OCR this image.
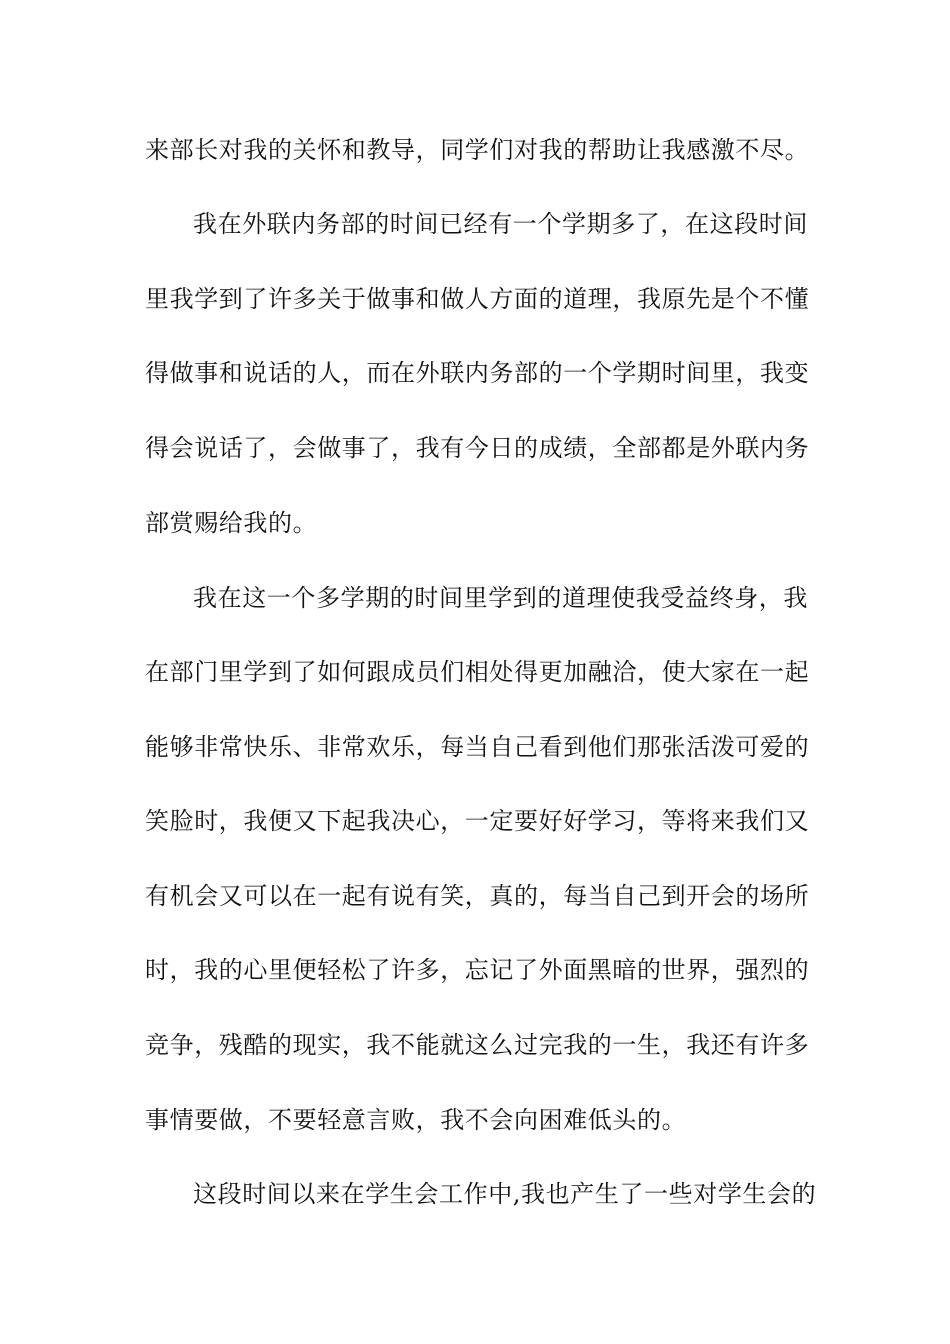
来部长对我的关怀和教导，同学们对我的帮助让我感激不尽。
我在外联内务部的时间已经有一个学期多了，在这段时间
里我学到了许多关于做事和做人方面的道理，我原先是个不懂
得做事和说话的人，而在外联内务部的一个学期时间里，我变
得会说话了，会做事了，我有今日的成绩，全部都是外联内务
部赏赐给我的。
我在这一个多学期的时间里学到的道理使我受益终身，我
在部门里学到了如何跟成员们相处得更加融洽，使大家在一起
能够非常快乐、非常欢乐，每当自己看到他们那张活泼可爱的
笑脸时，我便又下起我决心，一定要好好学习，等将来我们又
有机会又可以在一起有说有笑，真的，每当自己到开会的场所
时，我的心里便轻松了许多，忘记了外面黑暗的世界，强烈的
竞争，残酷的现实，我不能就这么过完我的一生，我还有许多
事情要做，不要轻意言败，我不会向困难低头的。
这段时间以来在学生会工作中,我也产生了一些对学生会的
